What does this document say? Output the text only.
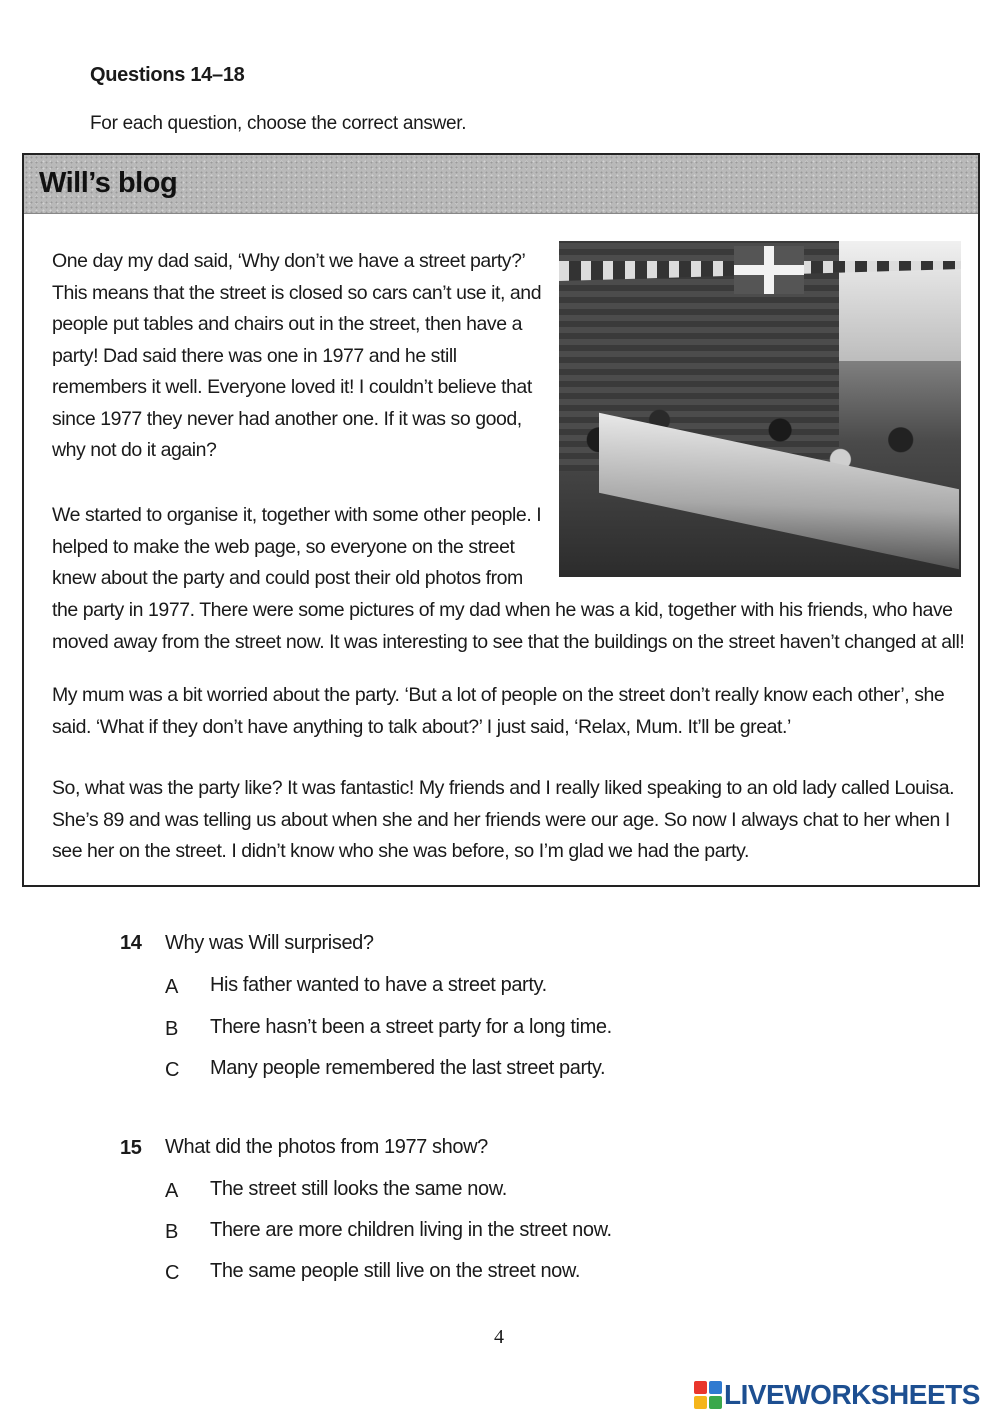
Questions 14–18
For each question, choose the correct answer.
Will’s blog

One day my dad said, ‘Why don’t we have a street party?’ This means that the street is closed so cars can’t use it, and people put tables and chairs out in the street, then have a party! Dad said there was one in 1977 and he still remembers it well. Everyone loved it! I couldn’t believe that since 1977 they never had another one. If it was so good, why not do it again?

We started to organise it, together with some other people. I helped to make the web page, so everyone on the street knew about the party and could post their old photos from

the party in 1977. There were some pictures of my dad when he was a kid, together with his friends, who have moved away from the street now. It was interesting to see that the buildings on the street haven’t changed at all!

My mum was a bit worried about the party. ‘But a lot of people on the street don’t really know each other’, she said. ‘What if they don’t have anything to talk about?’ I just said, ‘Relax, Mum. It’ll be great.’

So, what was the party like? It was fantastic! My friends and I really liked speaking to an old lady called Louisa. She’s 89 and was telling us about when she and her friends were our age. So now I always chat to her when I see her on the street. I didn’t know who she was before, so I’m glad we had the party.

14 Why was Will surprised?
A His father wanted to have a street party.
B There hasn’t been a street party for a long time.
C Many people remembered the last street party.
15 What did the photos from 1977 show?
A The street still looks the same now.
B There are more children living in the street now.
C The same people still live on the street now.
4
LIVEWORKSHEETS
